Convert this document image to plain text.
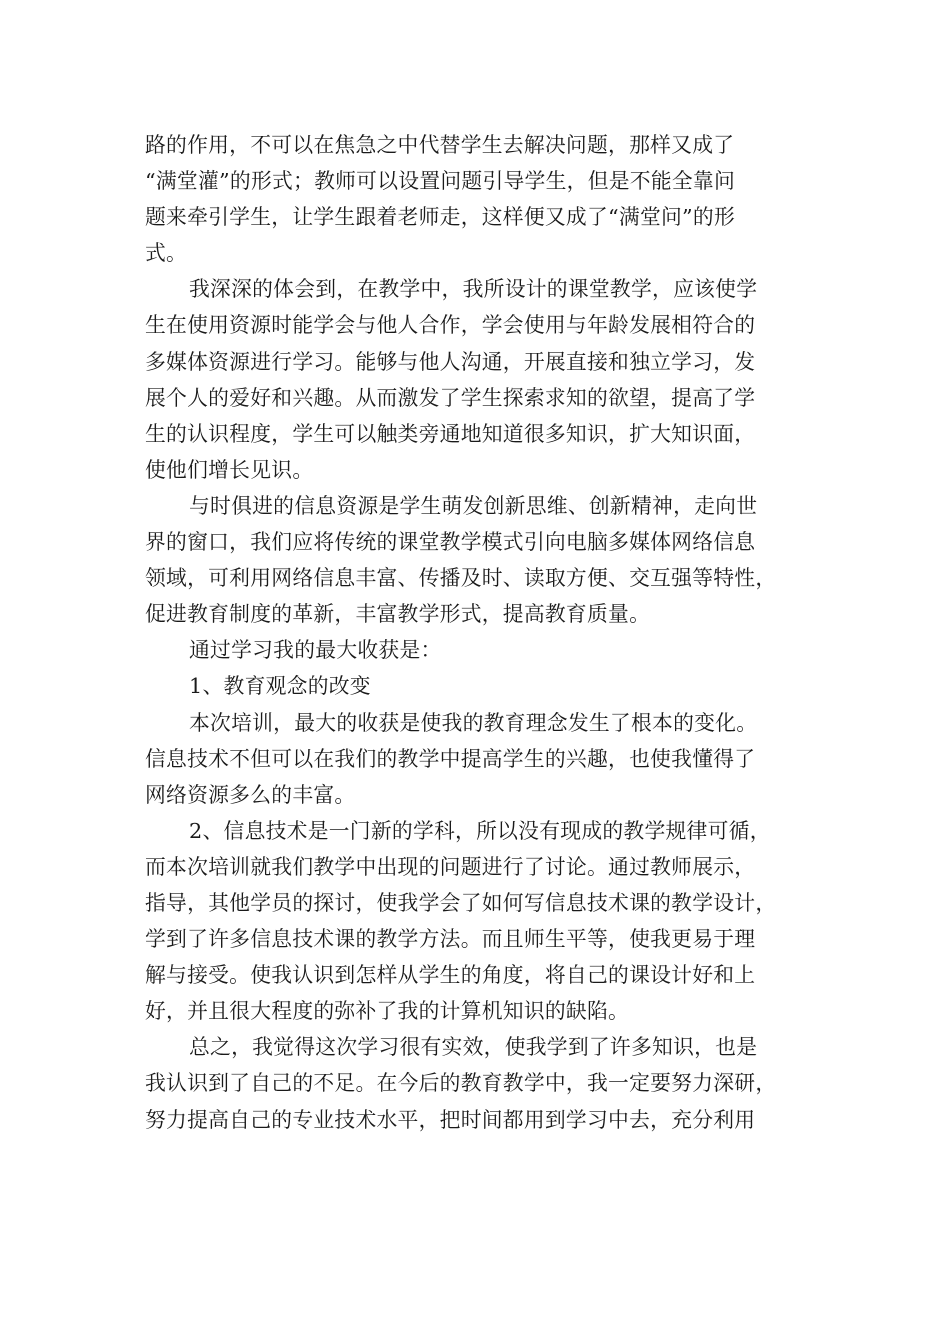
路的作用，不可以在焦急之中代替学生去解决问题，那样又成了
“满堂灌”的形式；教师可以设置问题引导学生，但是不能全靠问
题来牵引学生，让学生跟着老师走，这样便又成了“满堂问”的形
式。
我深深的体会到，在教学中，我所设计的课堂教学，应该使学
生在使用资源时能学会与他人合作，学会使用与年龄发展相符合的
多媒体资源进行学习。能够与他人沟通，开展直接和独立学习，发
展个人的爱好和兴趣。从而激发了学生探索求知的欲望，提高了学
生的认识程度，学生可以触类旁通地知道很多知识，扩大知识面，
使他们增长见识。
与时俱进的信息资源是学生萌发创新思维、创新精神，走向世
界的窗口，我们应将传统的课堂教学模式引向电脑多媒体网络信息
领域，可利用网络信息丰富、传播及时、读取方便、交互强等特性，
促进教育制度的革新，丰富教学形式，提高教育质量。
通过学习我的最大收获是：
1、教育观念的改变
本次培训，最大的收获是使我的教育理念发生了根本的变化。
信息技术不但可以在我们的教学中提高学生的兴趣，也使我懂得了
网络资源多么的丰富。
2、信息技术是一门新的学科，所以没有现成的教学规律可循，
而本次培训就我们教学中出现的问题进行了讨论。通过教师展示，
指导，其他学员的探讨，使我学会了如何写信息技术课的教学设计，
学到了许多信息技术课的教学方法。而且师生平等，使我更易于理
解与接受。使我认识到怎样从学生的角度，将自己的课设计好和上
好，并且很大程度的弥补了我的计算机知识的缺陷。
总之，我觉得这次学习很有实效，使我学到了许多知识，也是
我认识到了自己的不足。在今后的教育教学中，我一定要努力深研，
努力提高自己的专业技术水平，把时间都用到学习中去，充分利用
